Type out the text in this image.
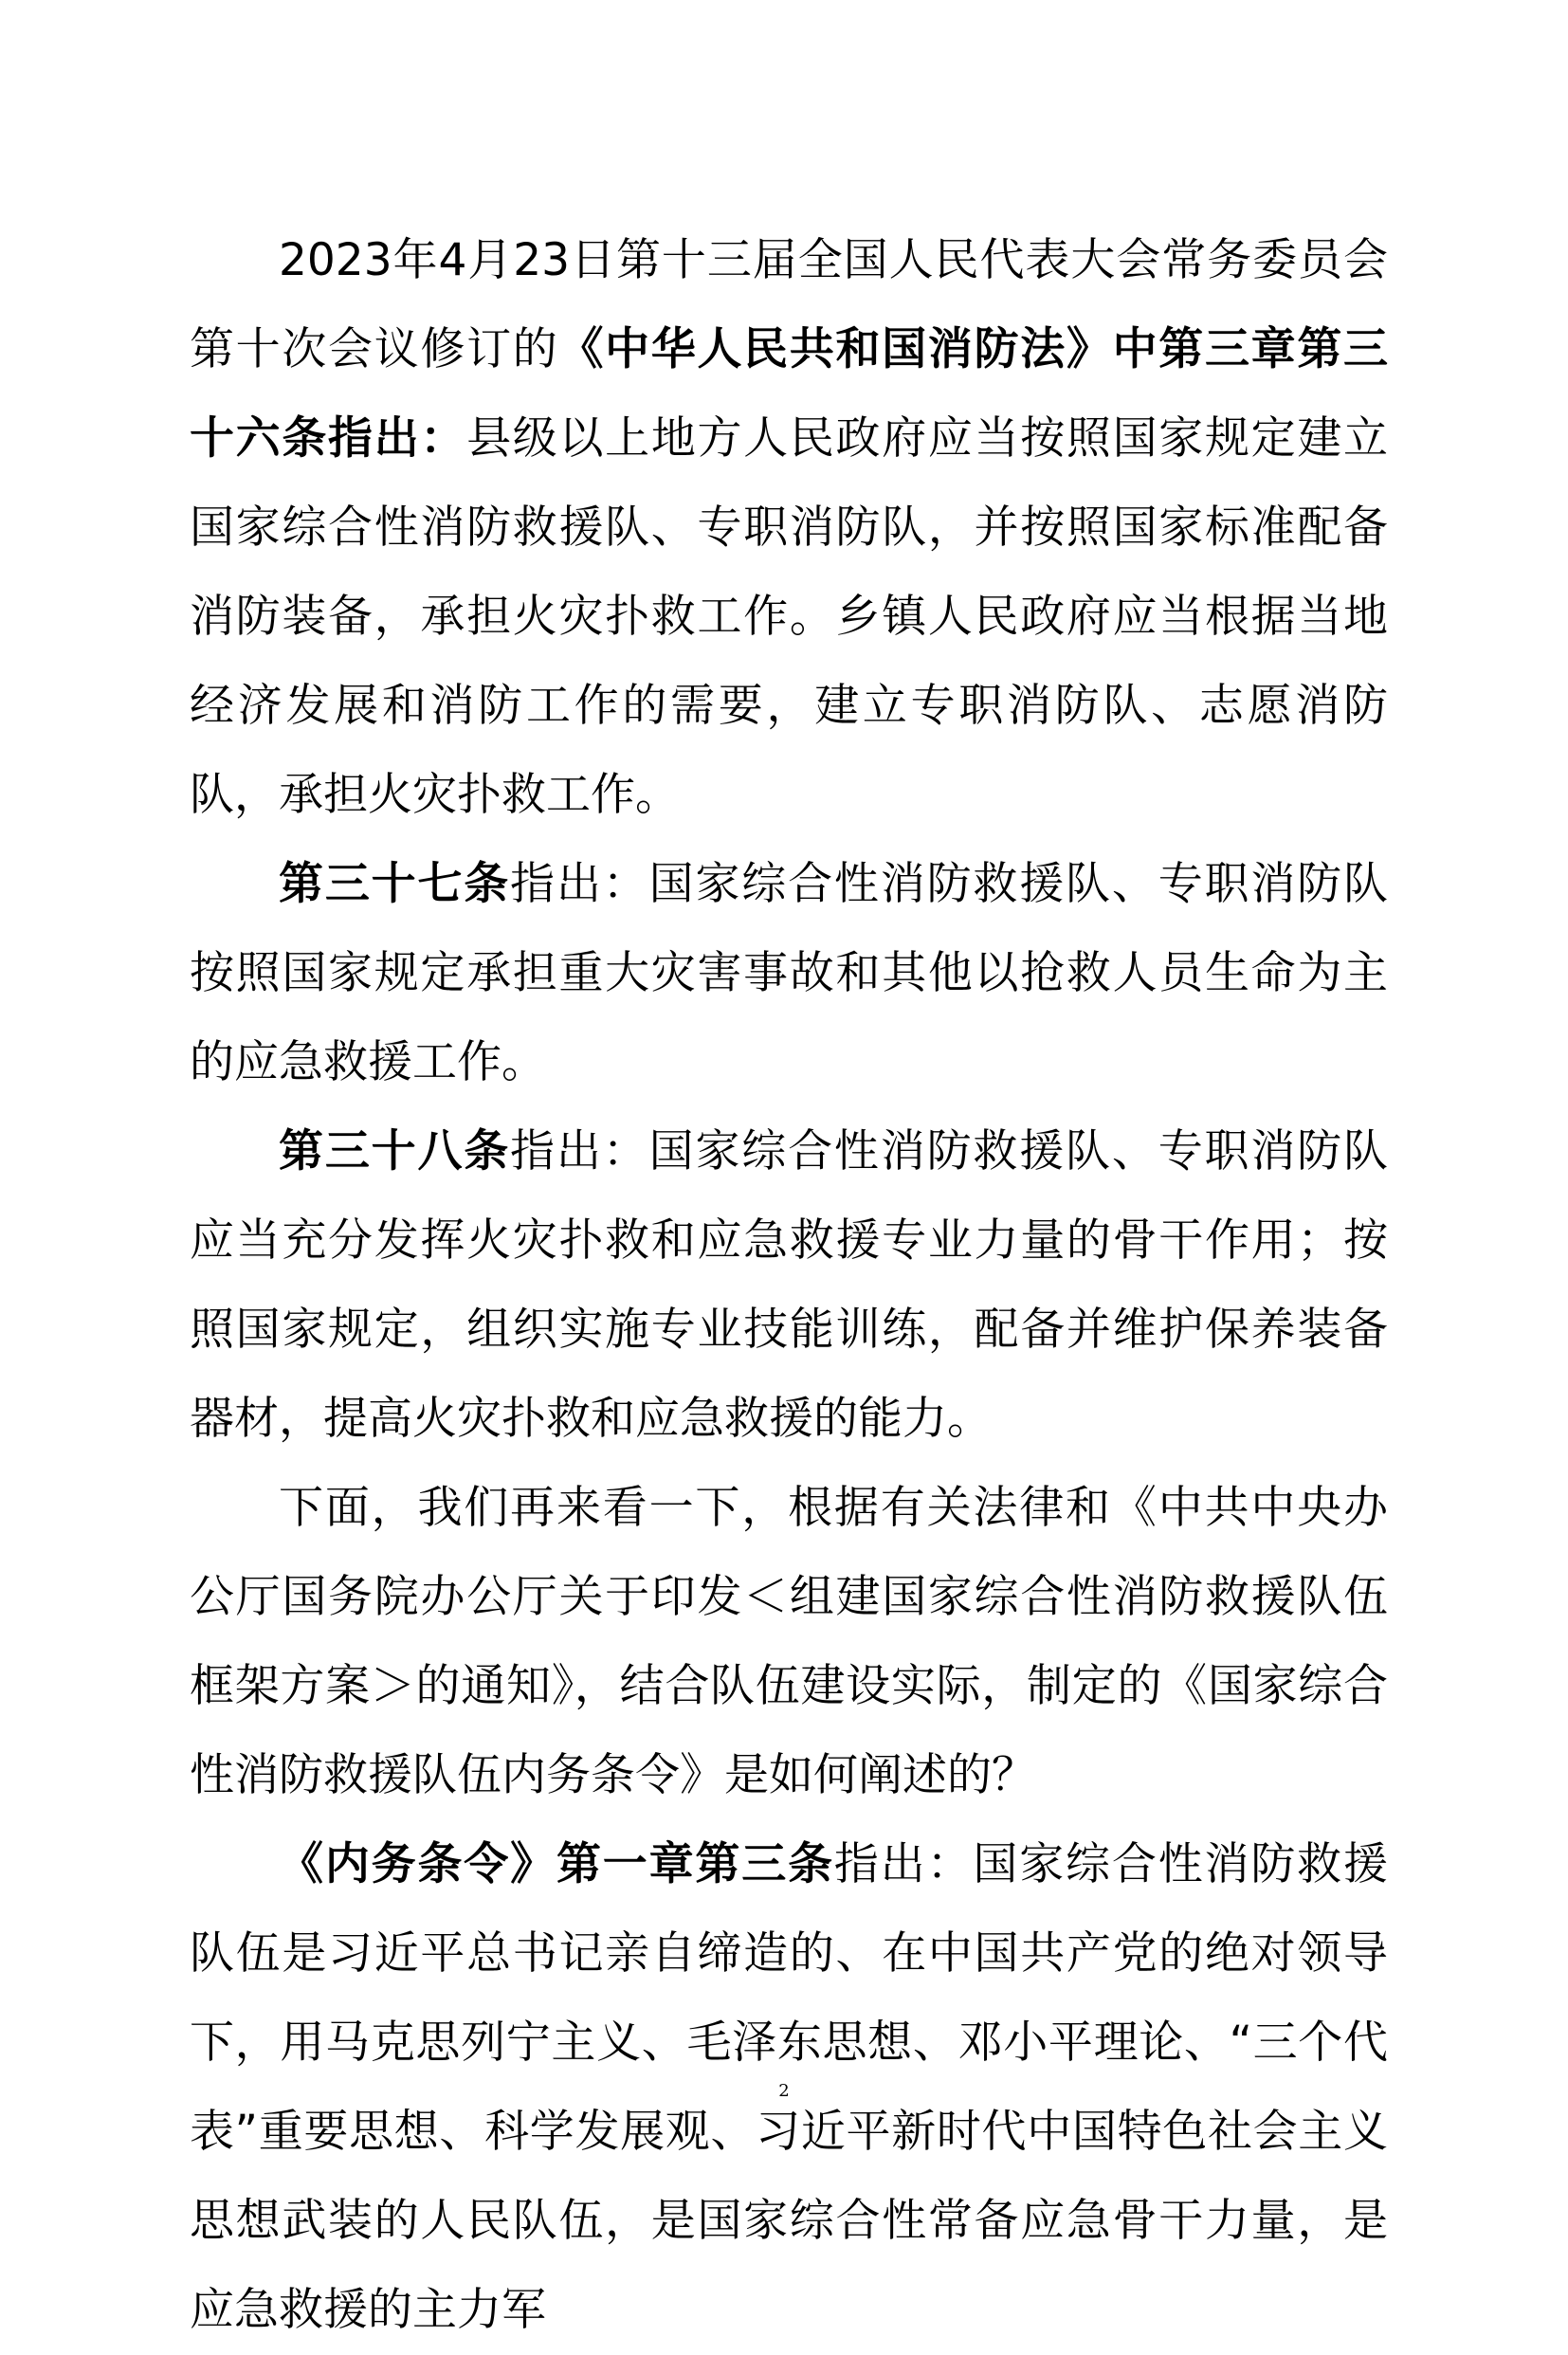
2023年4月23日第十三届全国人民代表大会常务委员会第十次会议修订的《中华人民共和国消防法》中第三章第三十六条指出：县级以上地方人民政府应当按照国家规定建立国家综合性消防救援队、专职消防队，并按照国家标准配备消防装备，承担火灾扑救工作。乡镇人民政府应当根据当地经济发展和消防工作的需要，建立专职消防队、志愿消防队，承担火灾扑救工作。

第三十七条指出：国家综合性消防救援队、专职消防队按照国家规定承担重大灾害事故和其他以抢救人员生命为主的应急救援工作。

第三十八条指出：国家综合性消防救援队、专职消防队应当充分发挥火灾扑救和应急救援专业力量的骨干作用；按照国家规定，组织实施专业技能训练，配备并维护保养装备器材，提高火灾扑救和应急救援的能力。

下面，我们再来看一下，根据有关法律和《中共中央办公厅国务院办公厅关于印发＜组建国家综合性消防救援队伍框架方案＞的通知》，结合队伍建设实际，制定的《国家综合性消防救援队伍内务条令》是如何阐述的？

《内务条令》第一章第三条指出：国家综合性消防救援队伍是习近平总书记亲自缔造的、在中国共产党的绝对领导下，用马克思列宁主义、毛泽东思想、邓小平理论、“三个代表”重要思想、科学发展观、习近平新时代中国特色社会主义思想武装的人民队伍，是国家综合性常备应急骨干力量，是应急救援的主力军

2
